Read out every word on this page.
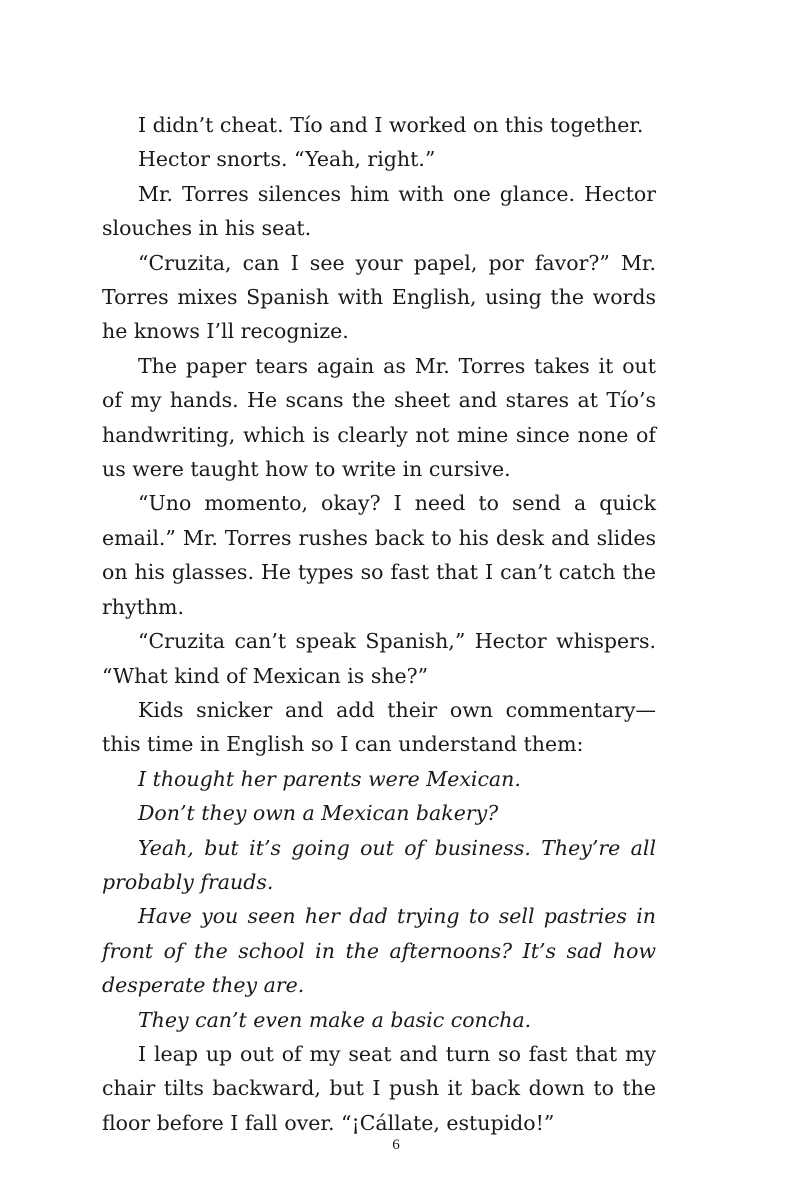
I didn’t cheat. Tío and I worked on this together.

Hector snorts. “Yeah, right.”

Mr. Torres silences him with one glance. Hector slouches in his seat.

“Cruzita, can I see your papel, por favor?” Mr. Torres mixes Spanish with English, using the words he knows I’ll recognize.

The paper tears again as Mr. Torres takes it out of my hands. He scans the sheet and stares at Tío’s handwriting, which is clearly not mine since none of us were taught how to write in cursive.

“Uno momento, okay? I need to send a quick email.” Mr. Torres rushes back to his desk and slides on his glasses. He types so fast that I can’t catch the rhythm.

“Cruzita can’t speak Spanish,” Hector whispers. “What kind of Mexican is she?”

Kids snicker and add their own commentary—this time in English so I can understand them:

I thought her parents were Mexican.

Don’t they own a Mexican bakery?

Yeah, but it’s going out of business. They’re all probably frauds.

Have you seen her dad trying to sell pastries in front of the school in the afternoons? It’s sad how desperate they are.

They can’t even make a basic concha.

I leap up out of my seat and turn so fast that my chair tilts backward, but I push it back down to the floor before I fall over. “¡Cállate, estupido!”

6
